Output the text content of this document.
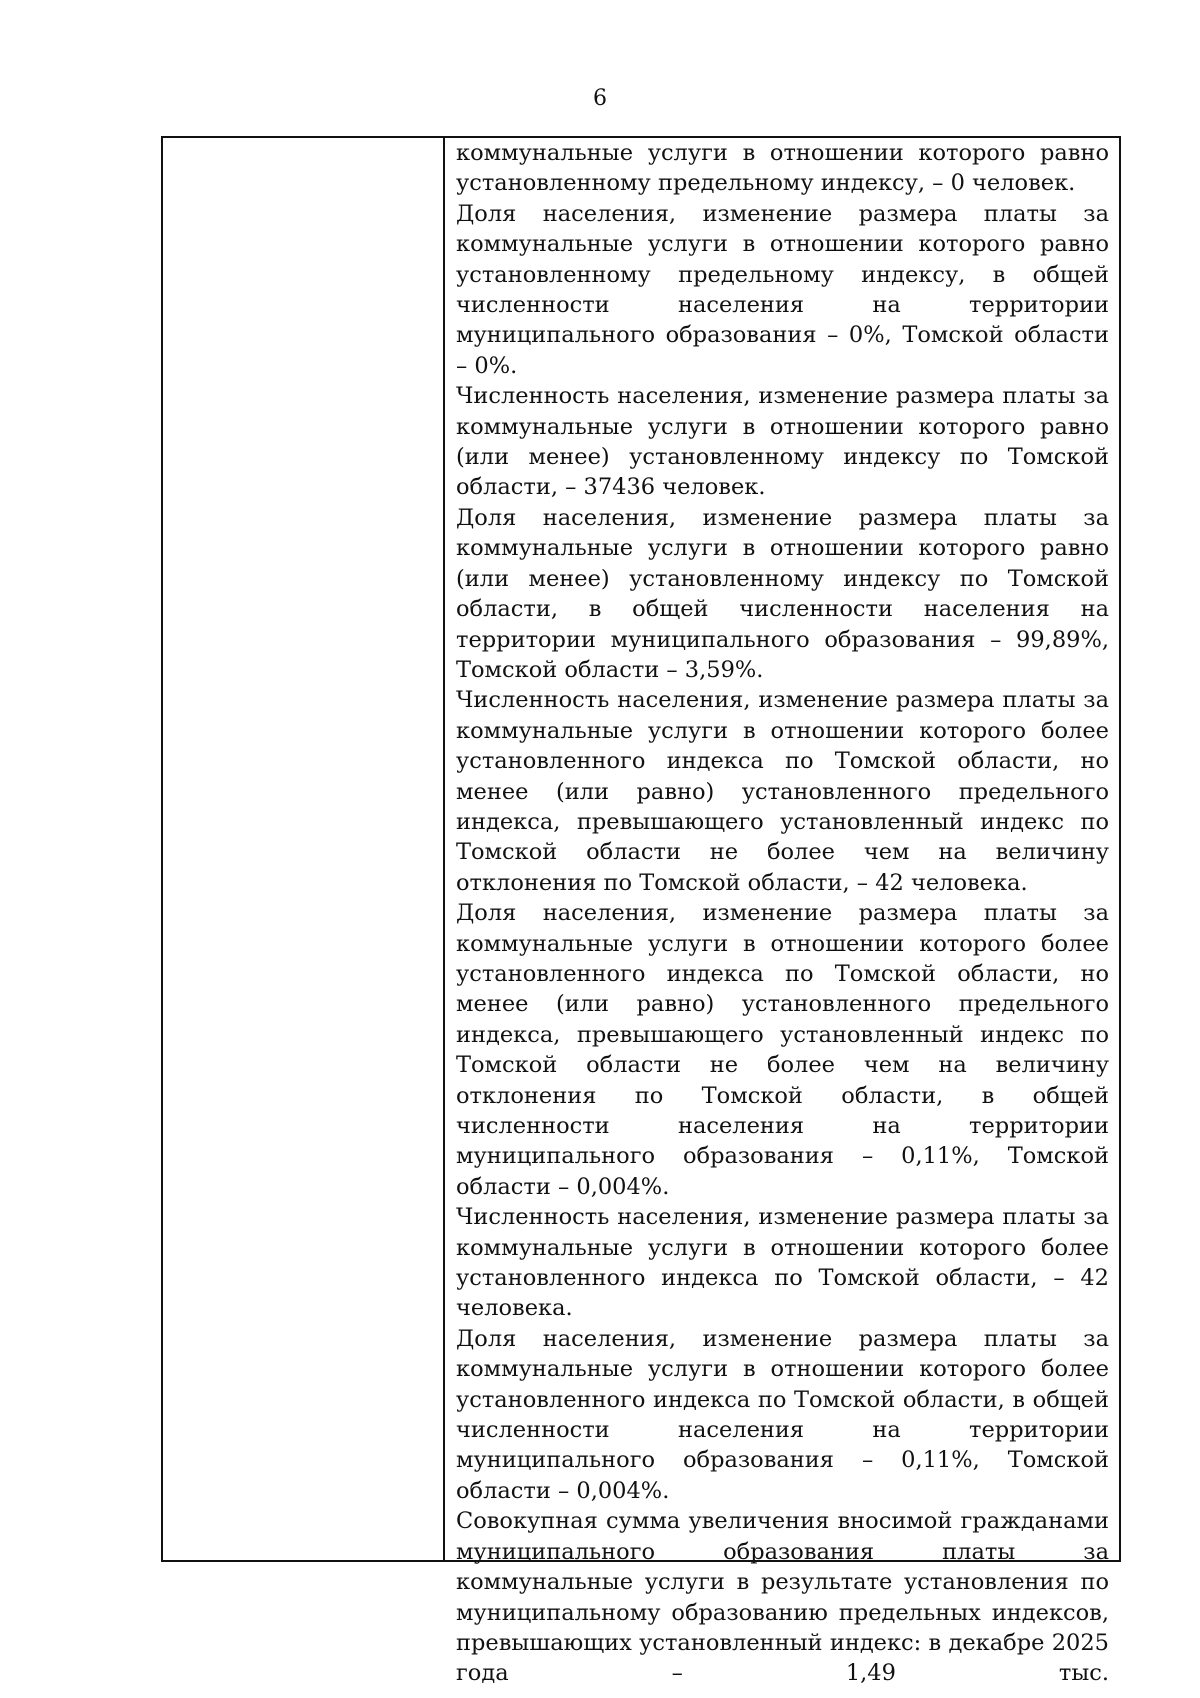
6

коммунальные услуги в отношении которого равно установленному предельному индексу, – 0 человек.

Доля населения, изменение размера платы за коммунальные услуги в отношении которого равно установленному предельному индексу, в общей численности населения на территории муниципального образования – 0%, Томской области – 0%.

Численность населения, изменение размера платы за коммунальные услуги в отношении которого равно (или менее) установленному индексу по Томской области, – 37436 человек.

Доля населения, изменение размера платы за коммунальные услуги в отношении которого равно (или менее) установленному индексу по Томской области, в общей численности населения на территории муниципального образования – 99,89%, Томской области – 3,59%.

Численность населения, изменение размера платы за коммунальные услуги в отношении которого более установленного индекса по Томской области, но менее (или равно) установленного предельного индекса, превышающего установленный индекс по Томской области не более чем на величину отклонения по Томской области, – 42 человека.

Доля населения, изменение размера платы за коммунальные услуги в отношении которого более установленного индекса по Томской области, но менее (или равно) установленного предельного индекса, превышающего установленный индекс по Томской области не более чем на величину отклонения по Томской области, в общей численности населения на территории муниципального образования – 0,11%, Томской области – 0,004%.

Численность населения, изменение размера платы за коммунальные услуги в отношении которого более установленного индекса по Томской области, – 42 человека.

Доля населения, изменение размера платы за коммунальные услуги в отношении которого более установленного индекса по Томской области, в общей численности населения на территории муниципального образования – 0,11%, Томской области – 0,004%.

Совокупная сумма увеличения вносимой гражданами муниципального образования платы за коммунальные услуги в результате установления по муниципальному образованию предельных индексов, превышающих установленный индекс: в декабре 2025 года – 1,49 тыс.
